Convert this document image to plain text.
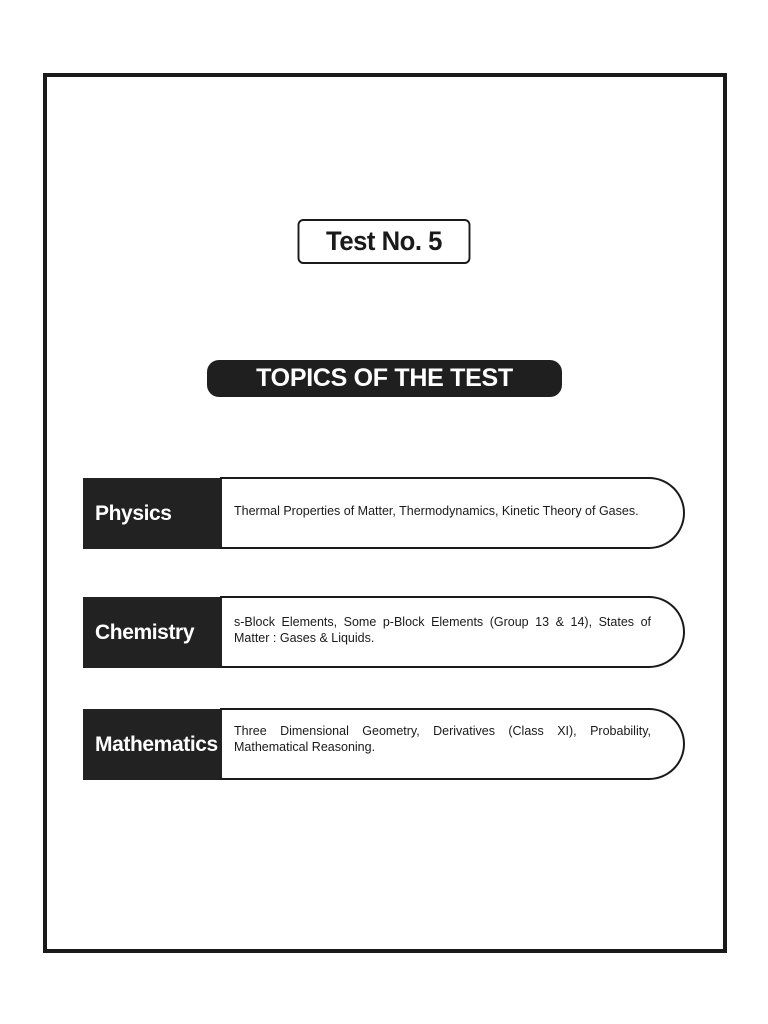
Test No. 5
TOPICS OF THE TEST
Physics	Thermal Properties of Matter, Thermodynamics, Kinetic Theory of Gases.
Chemistry	s-Block Elements, Some p-Block Elements (Group 13 & 14), States of Matter : Gases & Liquids.
Mathematics
Three Dimensional Geometry, Derivatives (Class XI), Probability, Mathematical Reasoning.
